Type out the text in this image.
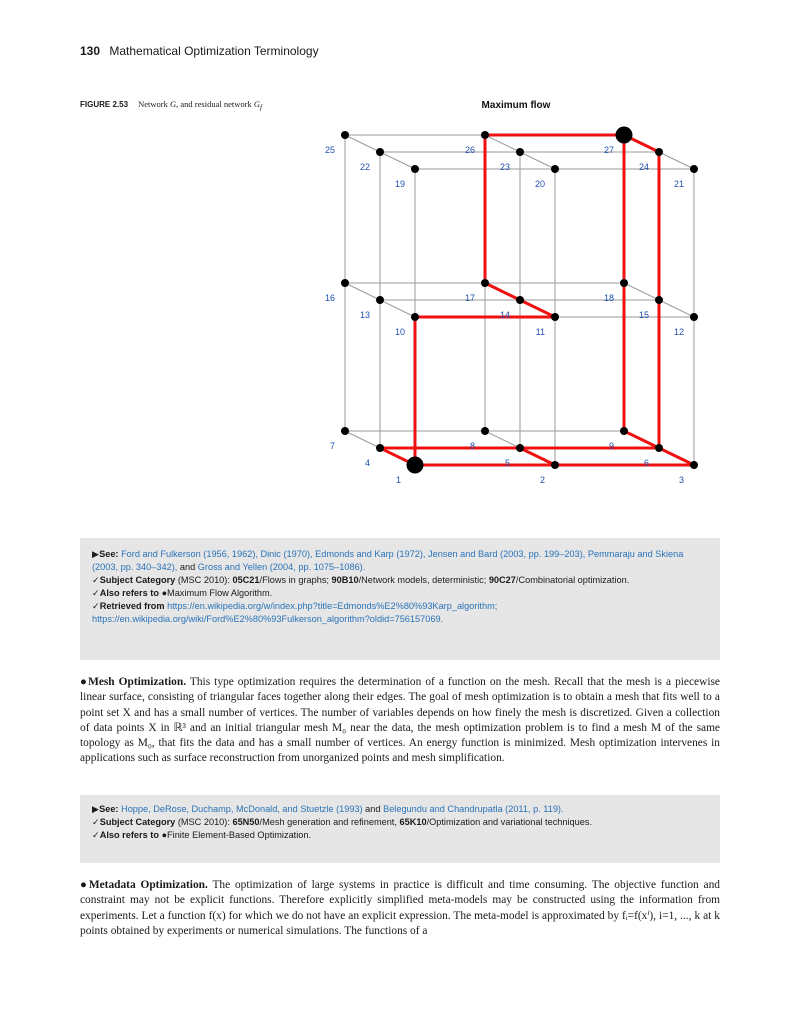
130 Mathematical Optimization Terminology
FIGURE 2.53 Network G, and residual network $G_f$	Maximum flow
1	2	3
4	5	6
7	8	9
10	11	12
13	14	15
16	17	18
19	20	21
22	23	24
25	26	27

▶See: Ford and Fulkerson (1956, 1962), Dinic (1970), Edmonds and Karp (1972), Jensen and Bard (2003, pp. 199–203), Pemmaraju and Skiena (2003, pp. 340–342), and Gross and Yellen (2004, pp. 1075–1086).

✓Subject Category (MSC 2010): 05C21/Flows in graphs; 90B10/Network models, deterministic; 90C27/Combinatorial optimization.

✓Also refers to ●Maximum Flow Algorithm.

✓Retrieved from https://en.wikipedia.org/w/index.php?title=Edmonds%E2%80%93Karp_algorithm; https://en.wikipedia.org/wiki/Ford%E2%80%93Fulkerson_algorithm?oldid=756157069.

●Mesh Optimization. This type optimization requires the determination of a function on the mesh. Recall that the mesh is a piecewise linear surface, consisting of triangular faces together along their edges. The goal of mesh optimization is to obtain a mesh that fits well to a point set X and has a small number of vertices. The number of variables depends on how finely the mesh is discretized. Given a collection of data points X in ℝ³ and an initial triangular mesh M₀ near the data, the mesh optimization problem is to find a mesh M of the same topology as M₀, that fits the data and has a small number of vertices. An energy function is minimized. Mesh optimization intervenes in applications such as surface reconstruction from unorganized points and mesh simplification.

▶See: Hoppe, DeRose, Duchamp, McDonald, and Stuetzle (1993) and Belegundu and Chandrupatla (2011, p. 119).

✓Subject Category (MSC 2010): 65N50/Mesh generation and refinement, 65K10/Optimization and variational techniques.

✓Also refers to ●Finite Element-Based Optimization.

●Metadata Optimization. The optimization of large systems in practice is difficult and time consuming. The objective function and constraint may not be explicit functions. Therefore explicitly simplified meta-models may be constructed using the information from experiments. Let a function f(x) for which we do not have an explicit expression. The meta-model is approximated by fᵢ=f(xⁱ), i=1, ..., k at k points obtained by experiments or numerical simulations. The functions of a
